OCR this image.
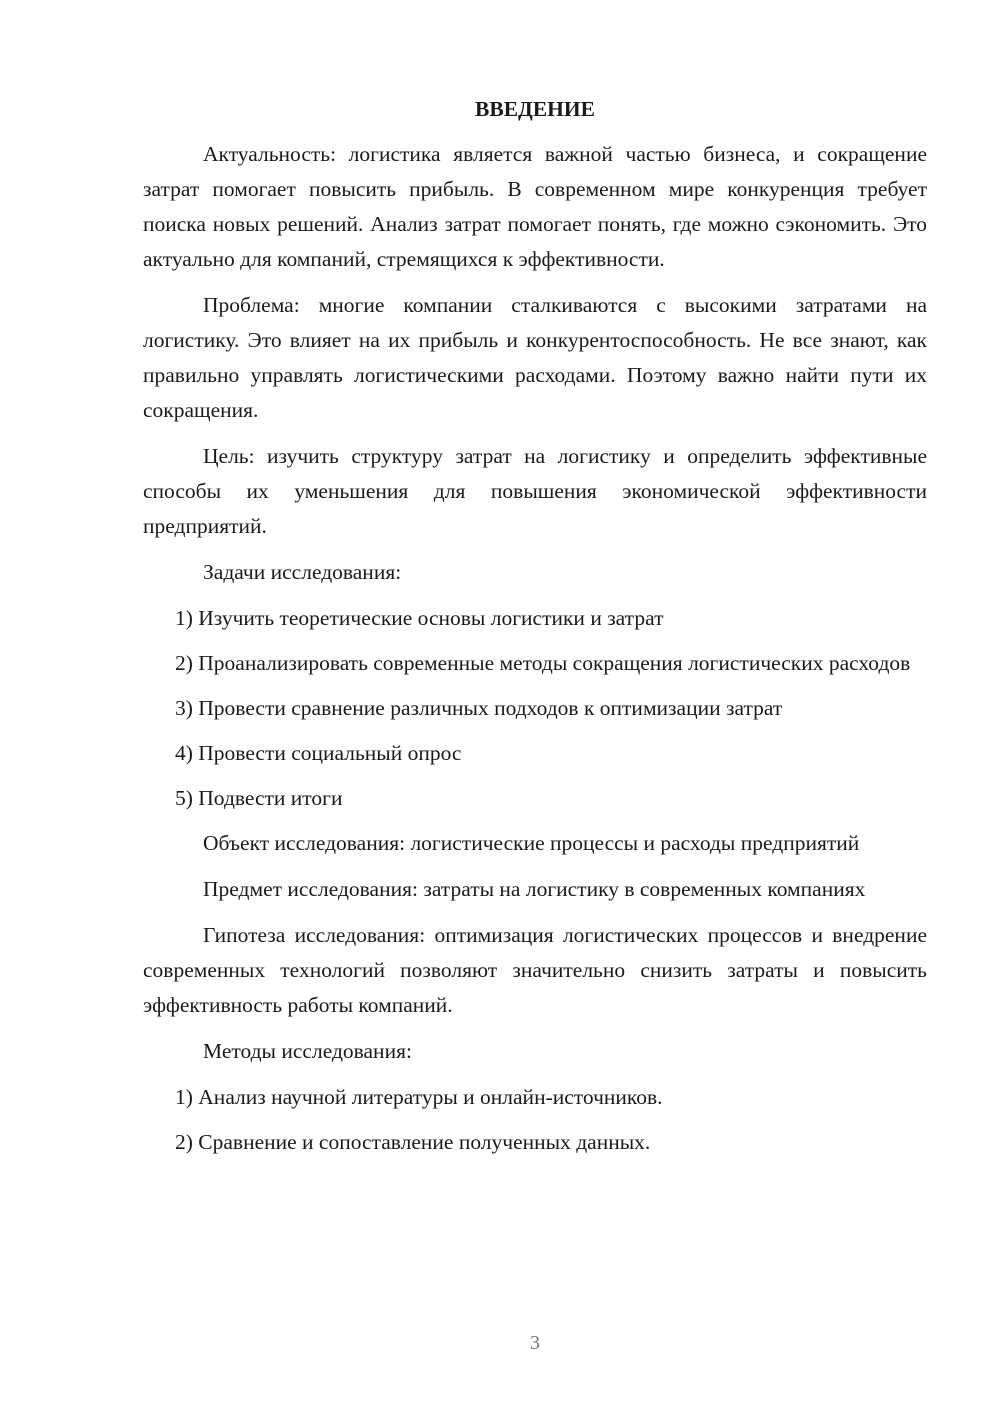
ВВЕДЕНИЕ

Актуальность: логистика является важной частью бизнеса, и сокращение затрат помогает повысить прибыль. В современном мире конкуренция требует поиска новых решений. Анализ затрат помогает понять, где можно сэкономить. Это актуально для компаний, стремящихся к эффективности.

Проблема: многие компании сталкиваются с высокими затратами на логистику. Это влияет на их прибыль и конкурентоспособность. Не все знают, как правильно управлять логистическими расходами. Поэтому важно найти пути их сокращения.

Цель: изучить структуру затрат на логистику и определить эффективные способы их уменьшения для повышения экономической эффективности предприятий.

Задачи исследования:

1) Изучить теоретические основы логистики и затрат

2) Проанализировать современные методы сокращения логистических расходов

3) Провести сравнение различных подходов к оптимизации затрат

4) Провести социальный опрос

5) Подвести итоги

Объект исследования: логистические процессы и расходы предприятий

Предмет исследования: затраты на логистику в современных компаниях

Гипотеза исследования: оптимизация логистических процессов и внедрение современных технологий позволяют значительно снизить затраты и повысить эффективность работы компаний.

Методы исследования:

1) Анализ научной литературы и онлайн-источников.

2) Сравнение и сопоставление полученных данных.

3
